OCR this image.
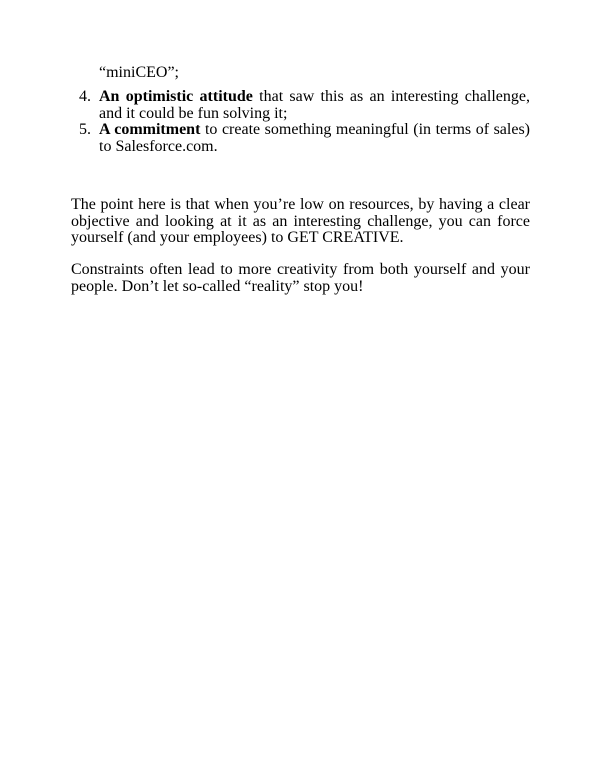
“miniCEO”;
4. An optimistic attitude that saw this as an interesting challenge, and it could be fun solving it;
5. A commitment to create something meaningful (in terms of sales) to Salesforce.com.

The point here is that when you’re low on resources, by having a clear objective and looking at it as an interesting challenge, you can force yourself (and your employees) to GET CREATIVE.

Constraints often lead to more creativity from both yourself and your people. Don’t let so-called “reality” stop you!
